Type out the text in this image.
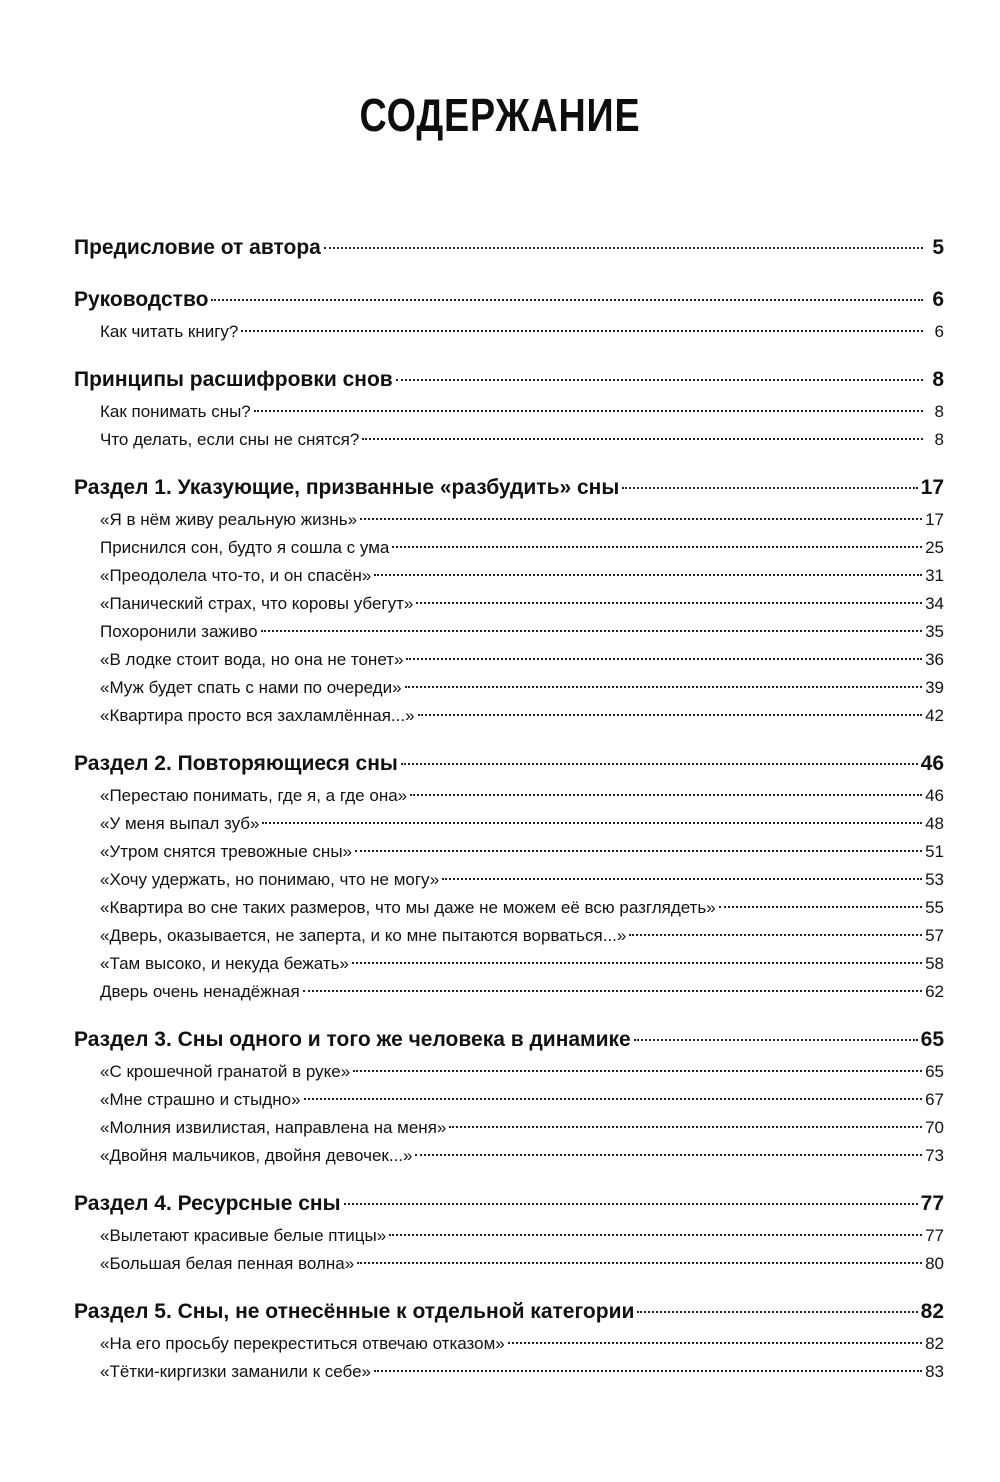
СОДЕРЖАНИЕ
Предисловие от автора	5
Руководство	6
Как читать книгу?	6
Принципы расшифровки снов	8
Как понимать сны?	8
Что делать, если сны не снятся?	8
Раздел 1. Указующие, призванные «разбудить» сны	17
«Я в нём живу реальную жизнь»	17
Приснился сон, будто я сошла с ума	25
«Преодолела что-то, и он спасён»	31
«Панический страх, что коровы убегут»	34
Похоронили заживо	35
«В лодке стоит вода, но она не тонет»	36
«Муж будет спать с нами по очереди»	39
«Квартира просто вся захламлённая...»	42
Раздел 2. Повторяющиеся сны	46
«Перестаю понимать, где я, а где она»	46
«У меня выпал зуб»	48
«Утром снятся тревожные сны»	51
«Хочу удержать, но понимаю, что не могу»	53
«Квартира во сне таких размеров, что мы даже не можем её всю разглядеть»	55
«Дверь, оказывается, не заперта, и ко мне пытаются ворваться...»	57
«Там высоко, и некуда бежать»	58
Дверь очень ненадёжная	62
Раздел 3. Сны одного и того же человека в динамике	65
«С крошечной гранатой в руке»	65
«Мне страшно и стыдно»	67
«Молния извилистая, направлена на меня»	70
«Двойня мальчиков, двойня девочек...»	73
Раздел 4. Ресурсные сны	77
«Вылетают красивые белые птицы»	77
«Большая белая пенная волна»	80
Раздел 5. Сны, не отнесённые к отдельной категории	82
«На его просьбу перекреститься отвечаю отказом»	82
«Тётки-киргизки заманили к себе»	83
